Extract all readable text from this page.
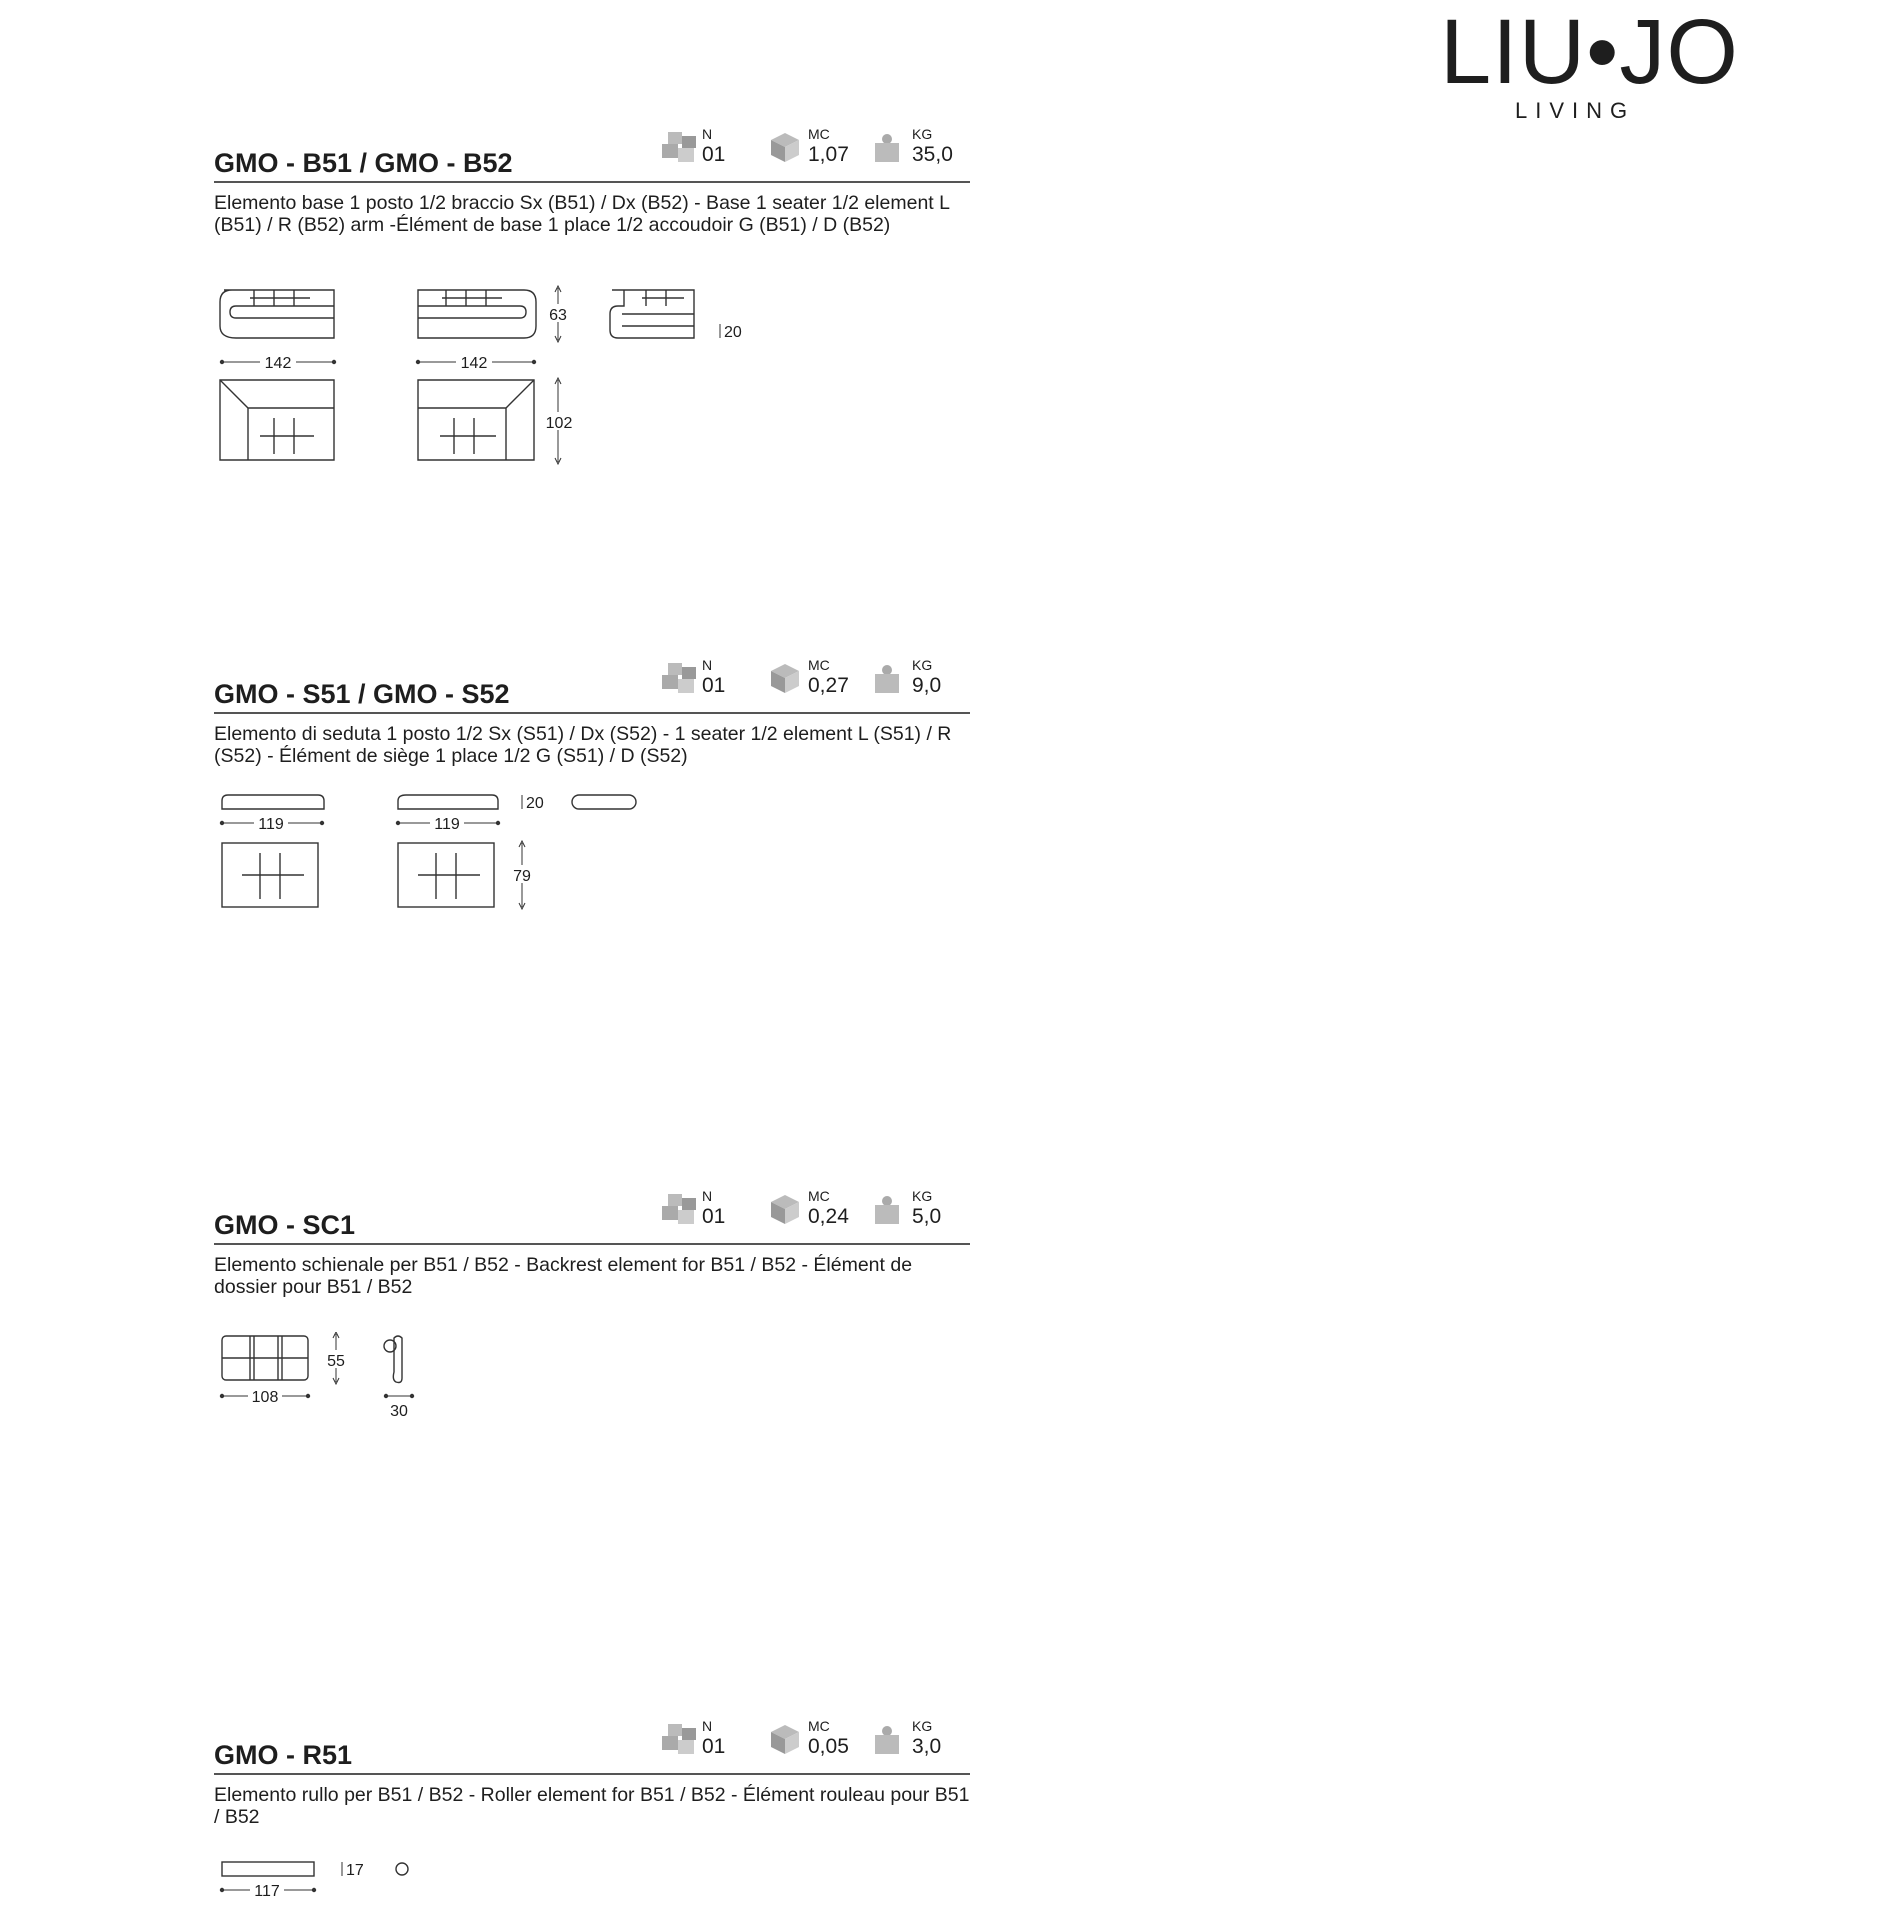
LIU•JO
LIVING
GMO - B51 / GMO - B52
N
01
MC
1,07
KG
35,0
Elemento base 1 posto 1/2 braccio Sx (B51) / Dx (B52) - Base 1 seater 1/2 element L (B51) / R (B52) arm -Élément de base 1 place 1/2 accoudoir G (B51) / D (B52)
142	142
63
20
102
GMO - S51 / GMO - S52
N
01
MC
0,27
KG
9,0
Elemento di seduta 1 posto 1/2 Sx (S51) / Dx (S52) - 1 seater 1/2 element L (S51) / R (S52) - Élément de siège 1 place 1/2 G (S51) / D (S52)
20
119	119
79
GMO - SC1
N
01
MC
0,24
KG
5,0
Elemento schienale per B51 / B52 - Backrest element for B51 / B52 - Élément de dossier pour B51 / B52
55
108
30
GMO - R51
N
01
MC
0,05
KG
3,0
Elemento rullo per B51 / B52 - Roller element for B51 / B52 - Élément rouleau pour B51 / B52
17
117
